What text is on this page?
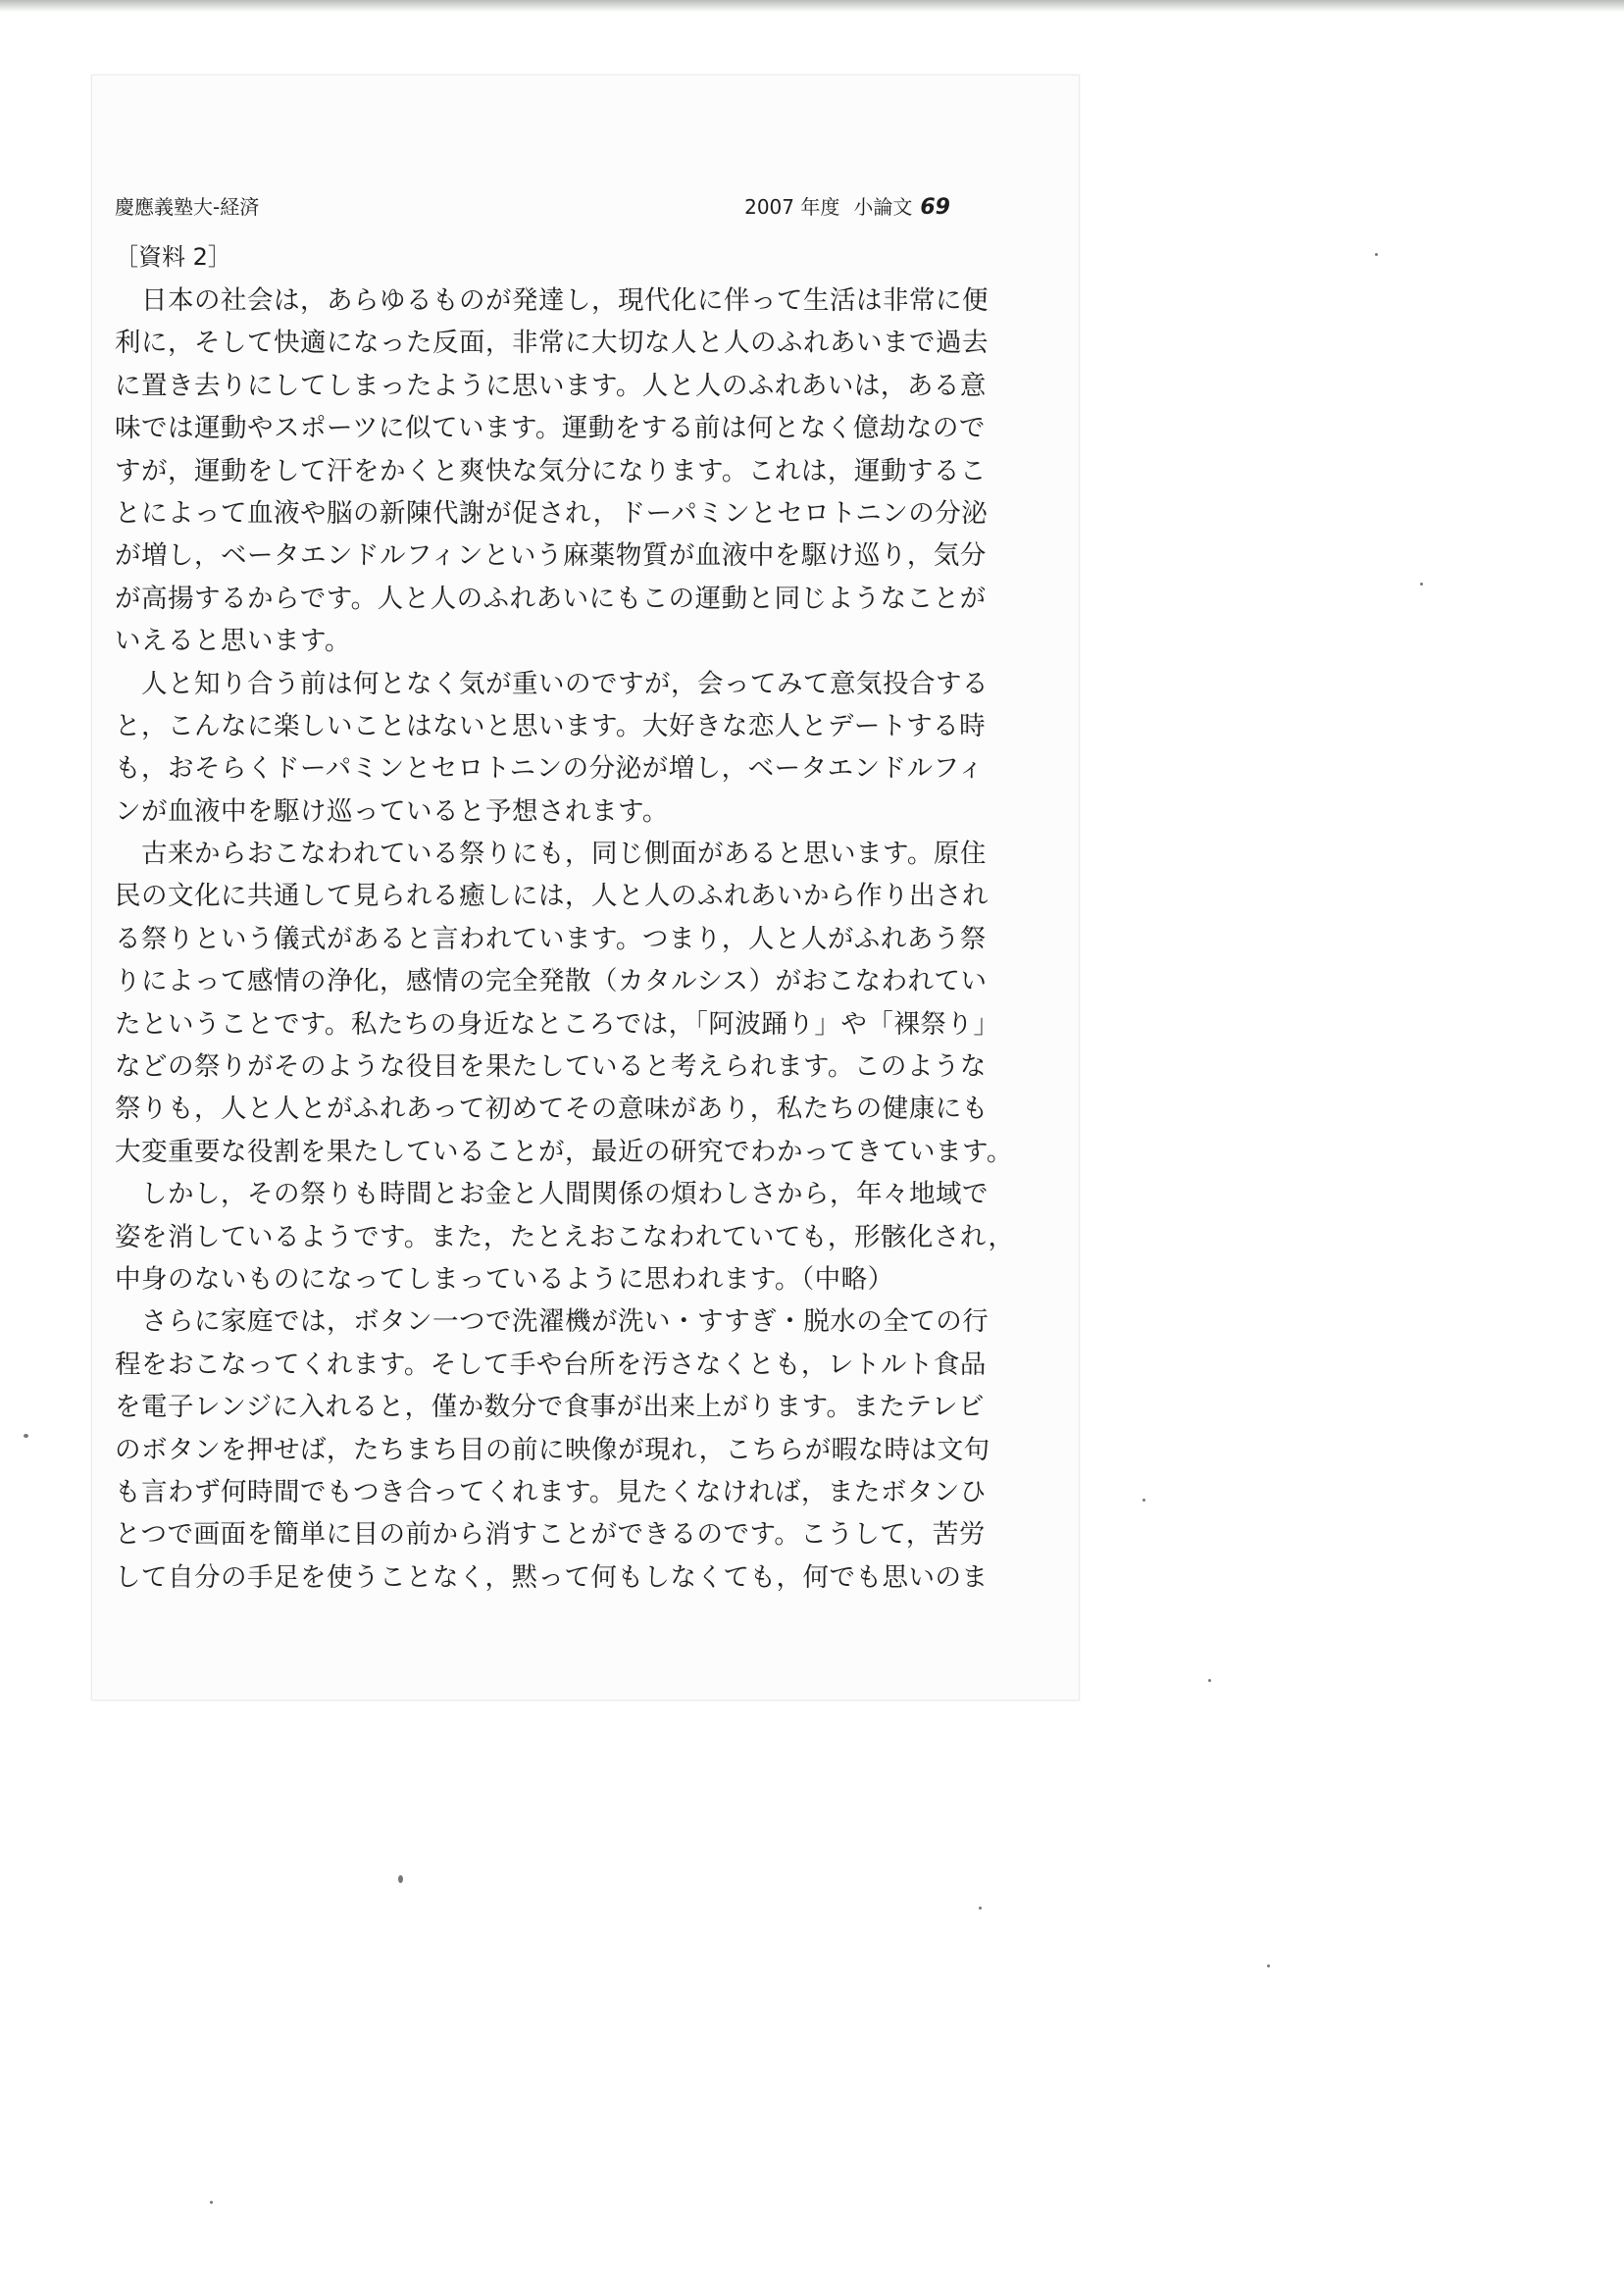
慶應義塾大-経済	2007 年度 小論文 69
［資料 2］
　日本の社会は，あらゆるものが発達し，現代化に伴って生活は非常に便
利に，そして快適になった反面，非常に大切な人と人のふれあいまで過去
に置き去りにしてしまったように思います。人と人のふれあいは，ある意
味では運動やスポーツに似ています。運動をする前は何となく億劫なので
すが，運動をして汗をかくと爽快な気分になります。これは，運動するこ
とによって血液や脳の新陳代謝が促され，ドーパミンとセロトニンの分泌
が増し，ベータエンドルフィンという麻薬物質が血液中を駆け巡り，気分
が高揚するからです。人と人のふれあいにもこの運動と同じようなことが
いえると思います。
　人と知り合う前は何となく気が重いのですが，会ってみて意気投合する
と，こんなに楽しいことはないと思います。大好きな恋人とデートする時
も，おそらくドーパミンとセロトニンの分泌が増し，ベータエンドルフィ
ンが血液中を駆け巡っていると予想されます。
　古来からおこなわれている祭りにも，同じ側面があると思います。原住
民の文化に共通して見られる癒しには，人と人のふれあいから作り出され
る祭りという儀式があると言われています。つまり，人と人がふれあう祭
りによって感情の浄化，感情の完全発散（カタルシス）がおこなわれてい
たということです。私たちの身近なところでは，「阿波踊り」や「裸祭り」
などの祭りがそのような役目を果たしていると考えられます。このような
祭りも，人と人とがふれあって初めてその意味があり，私たちの健康にも
大変重要な役割を果たしていることが，最近の研究でわかってきています。
　しかし，その祭りも時間とお金と人間関係の煩わしさから，年々地域で
姿を消しているようです。また，たとえおこなわれていても，形骸化され，
中身のないものになってしまっているように思われます。（中略）
　さらに家庭では，ボタン一つで洗濯機が洗い・すすぎ・脱水の全ての行
程をおこなってくれます。そして手や台所を汚さなくとも，レトルト食品
を電子レンジに入れると，僅か数分で食事が出来上がります。またテレビ
のボタンを押せば，たちまち目の前に映像が現れ，こちらが暇な時は文句
も言わず何時間でもつき合ってくれます。見たくなければ，またボタンひ
とつで画面を簡単に目の前から消すことができるのです。こうして，苦労
して自分の手足を使うことなく，黙って何もしなくても，何でも思いのま
